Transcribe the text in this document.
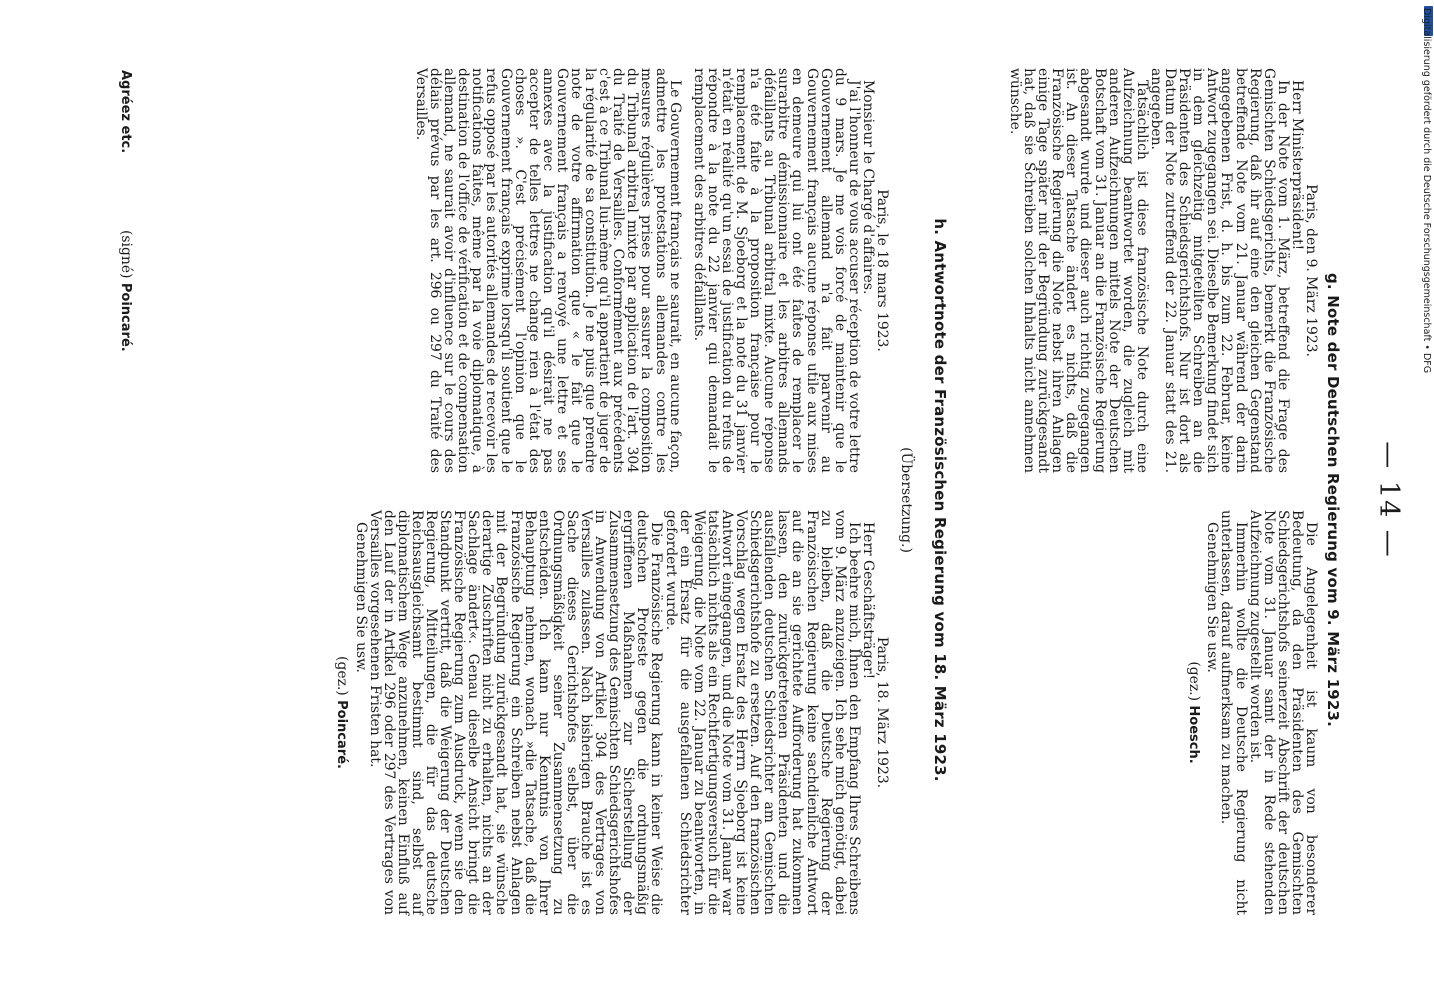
— 14 —
g. Note der Deutschen Regierung vom 9. März 1923.

Paris, den 9. März 1923.

Herr Ministerpräsident!

In der Note vom 1. März, betreffend die Frage des Gemischten Schiedsgerichts, bemerkt die Französische Regierung, daß ihr auf eine den gleichen Gegenstand betreffende Note vom 21. Januar während der darin angegebenen Frist, d. h. bis zum 22. Februar, keine Antwort zugegangen sei. Dieselbe Bemerkung findet sich in dem gleichzeitig mitgeteilten Schreiben an die Präsidenten des Schiedsgerichtshofs. Nur ist dort als Datum der Note zutreffend der 22. Januar statt des 21. angegeben.

Tatsächlich ist diese französische Note durch eine Aufzeichnung beantwortet worden, die zugleich mit anderen Aufzeichnungen mittels Note der Deutschen Botschaft vom 31. Januar an die Französische Regierung abgesandt wurde und dieser auch richtig zugegangen ist. An dieser Tatsache ändert es nichts, daß die Französische Regierung die Note nebst ihren Anlagen einige Tage später mit der Begründung zurückgesandt hat, daß sie Schreiben solchen Inhalts nicht annehmen wünsche.

Die Angelegenheit ist kaum von besonderer Bedeutung, da den Präsidenten des Gemischten Schiedsgerichtshofs seinerzeit Abschrift der deutschen Note vom 31. Januar samt der in Rede stehenden Aufzeichnung zugestellt worden ist.

Immerhin wollte die Deutsche Regierung nicht unterlassen, darauf aufmerksam zu machen.

Genehmigen Sie usw.

(gez.) Hoesch.
h. Antwortnote der Französischen Regierung vom 18. März 1923.
(Übersetzung.)

Paris, le 18 mars 1923.

Monsieur le Chargé d'affaires.

J'ai l'honneur de vous accuser réception de votre lettre du 9 mars. Je me vois forcé de maintenir que le Gouvernement allemand n'a fait parvenir au Gouvernement français aucune réponse utile aux mises en demeure qui lui ont été faites de remplacer le surarbitre démissionnaire et les arbitres allemands défaillants au Tribunal arbitral mixte. Aucune réponse n'a été faite à la proposition française pour le remplacement de M. Sjoeborg et la note du 31 janvier n'était en réalité qu'un essai de justification du refus de répondre à la note du 22 janvier qui demandait le remplacement des arbitres défaillants.

Le Gouvernement français ne saurait, en aucune façon, admettre les protestations allemandes contre les mesures régulières prises pour assurer la composition du Tribunal arbitral mixte par application de l'art. 304 du Traité de Versailles. Conformément aux précédents c'est à ce Tribunal lui-même qu'il appartient de juger de la régularité de sa constitution. Je ne puis que prendre note de votre affirmation que « le fait que le Gouvernement français a renvoyé une lettre et ses annexes avec la justification qu'il désirait ne pas accepter de telles lettres ne change rien à l'état des choses ». C'est précisément l'opinion que le Gouvernement français exprime lorsqu'il soutient que le refus opposé par les autorités allemandes de recevoir les notifications faites, même par la voie diplomatique, à destination de l'office de vérification et de compensation allemand, ne saurait avoir d'influence sur le cours des délais prévus par les art. 296 ou 297 du Traité des Versailles.

Paris, 18. März 1923.

Herr Geschäftsträger!

Ich beehre mich, Ihnen den Empfang Ihres Schreibens vom 9. März anzuzeigen. Ich sehe mich genötigt, dabei zu bleiben, daß die Deutsche Regierung der Französischen Regierung keine sachdienliche Antwort auf die an sie gerichtete Aufforderung hat zukommen lassen, den zurückgetretenen Präsidenten und die ausfallenden deutschen Schiedsrichter am Gemischten Schiedsgerichtshofe zu ersetzen. Auf den französischen Vorschlag wegen Ersatz des Herrn Sjoeborg ist keine Antwort eingegangen, und die Note vom 31. Januar war tatsächlich nichts als ein Rechtfertigungsversuch für die Weigerung, die Note vom 22. Januar zu beantworten, in der ein Ersatz für die ausgefallenen Schiedsrichter gefordert wurde.

Die Französische Regierung kann in keiner Weise die deutschen Proteste gegen die ordnungsmäßig ergriffenen Maßnahmen zur Sicherstellung der Zusammensetzung des Gemischten Schiedsgerichtshofes in Anwendung von Artikel 304 des Vertrages von Versailles zulassen. Nach bisherigen Brauche ist es Sache dieses Gerichtshofes selbst, über die Ordnungsmäßigkeit seiner Zusammensetzung zu entscheiden. Ich kann nur Kenntnis von Ihrer Behauptung nehmen, wonach »die Tatsache, daß die Französische Regierung ein Schreiben nebst Anlagen mit der Begründung zurückgesandt hat, sie wünsche derartige Zuschriften nicht zu erhalten, nichts an der Sachlage ändert«. Genau dieselbe Ansicht bringt die Französische Regierung zum Ausdruck, wenn sie den Standpunkt vertritt, daß die Weigerung der Deutschen Regierung, Mitteilungen, die für das deutsche Reichsausgleichsamt bestimmt sind, selbst auf diplomatischem Wege anzunehmen, keinen Einfluß auf den Lauf der in Artikel 296 oder 297 des Vertrages von Versailles vorgesehenen Fristen hat.

Genehmigen Sie usw.

(gez.) Poincaré.
Agréez etc.
(signé) Poincaré.	Digitalisierung gefördert durch die Deutsche Forschungsgemeinschaft • DFG
